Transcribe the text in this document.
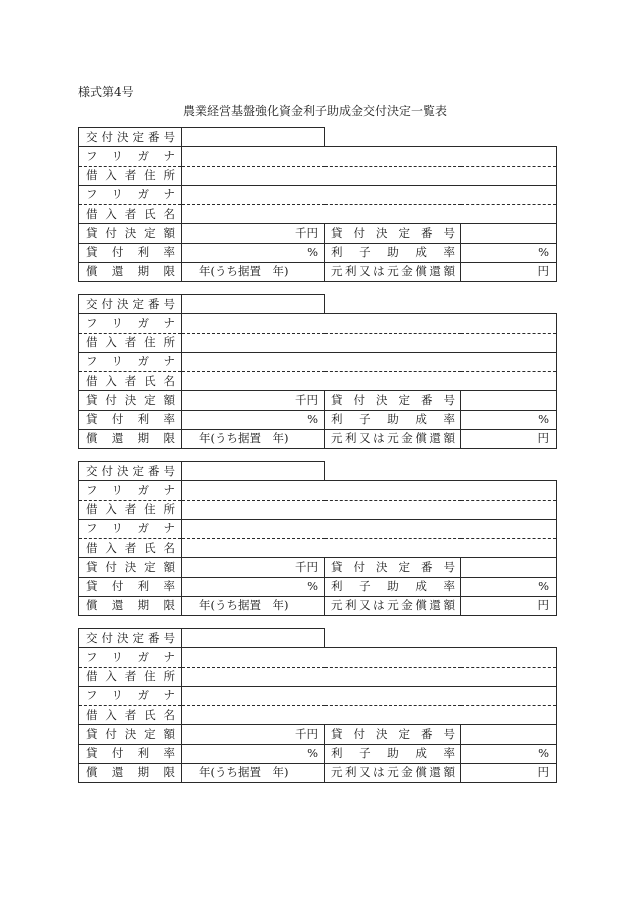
様式第4号
農業経営基盤強化資金利子助成金交付決定一覧表
交付決定番号			
フリガナ			
借入者住所			
フリガナ			
借入者氏名			
貸付決定額	千円	貸付決定番号	
貸付利率	%	利子助成率	%
償還期限	年(うち据置　年)	元利又は元金償還額	円
交付決定番号			
フリガナ			
借入者住所			
フリガナ			
借入者氏名			
貸付決定額	千円	貸付決定番号	
貸付利率	%	利子助成率	%
償還期限	年(うち据置　年)	元利又は元金償還額	円
交付決定番号			
フリガナ			
借入者住所			
フリガナ			
借入者氏名			
貸付決定額	千円	貸付決定番号	
貸付利率	%	利子助成率	%
償還期限	年(うち据置　年)	元利又は元金償還額	円
交付決定番号			
フリガナ			
借入者住所			
フリガナ			
借入者氏名			
貸付決定額	千円	貸付決定番号	
貸付利率	%	利子助成率	%
償還期限	年(うち据置　年)	元利又は元金償還額	円
